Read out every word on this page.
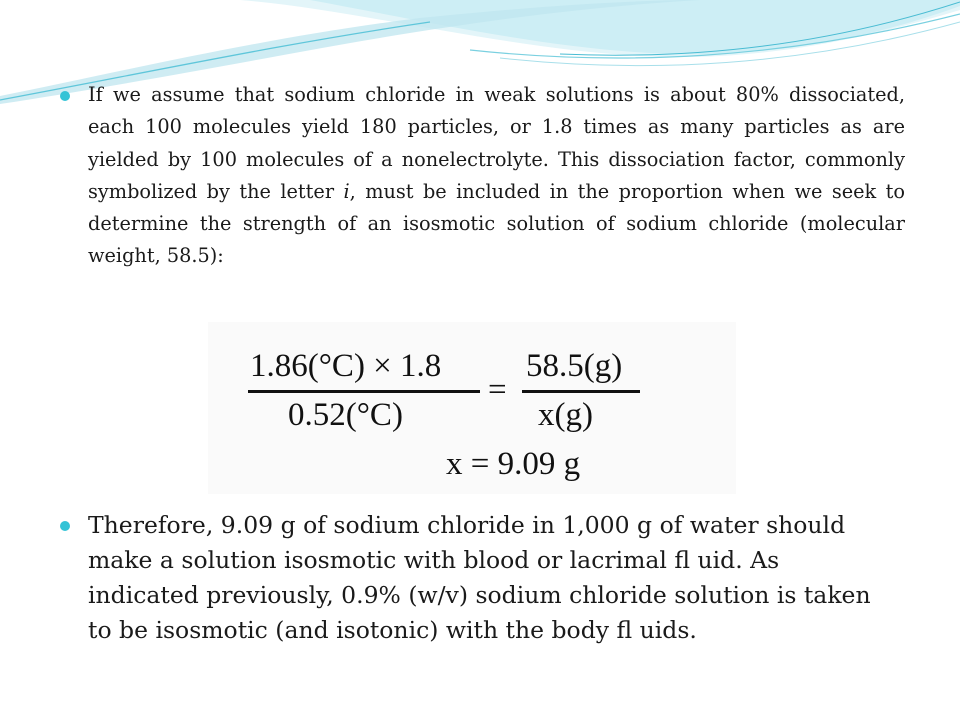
If we assume that sodium chloride in weak solutions is about 80% dissociated, each 100 molecules yield 180 particles, or 1.8 times as many particles as are yielded by 100 molecules of a nonelectrolyte. This dissociation factor, commonly symbolized by the letter i, must be included in the proportion when we seek to determine the strength of an isosmotic solution of sodium chloride (molecular weight, 58.5):
1.86(°C) × 1.8
0.52(°C)
=
58.5(g)
x(g)
x = 9.09 g
Therefore, 9.09 g of sodium chloride in 1,000 g of water should make a solution isosmotic with blood or lacrimal fl uid. As indicated previously, 0.9% (w/v) sodium chloride solution is taken to be isosmotic (and isotonic) with the body fl uids.
